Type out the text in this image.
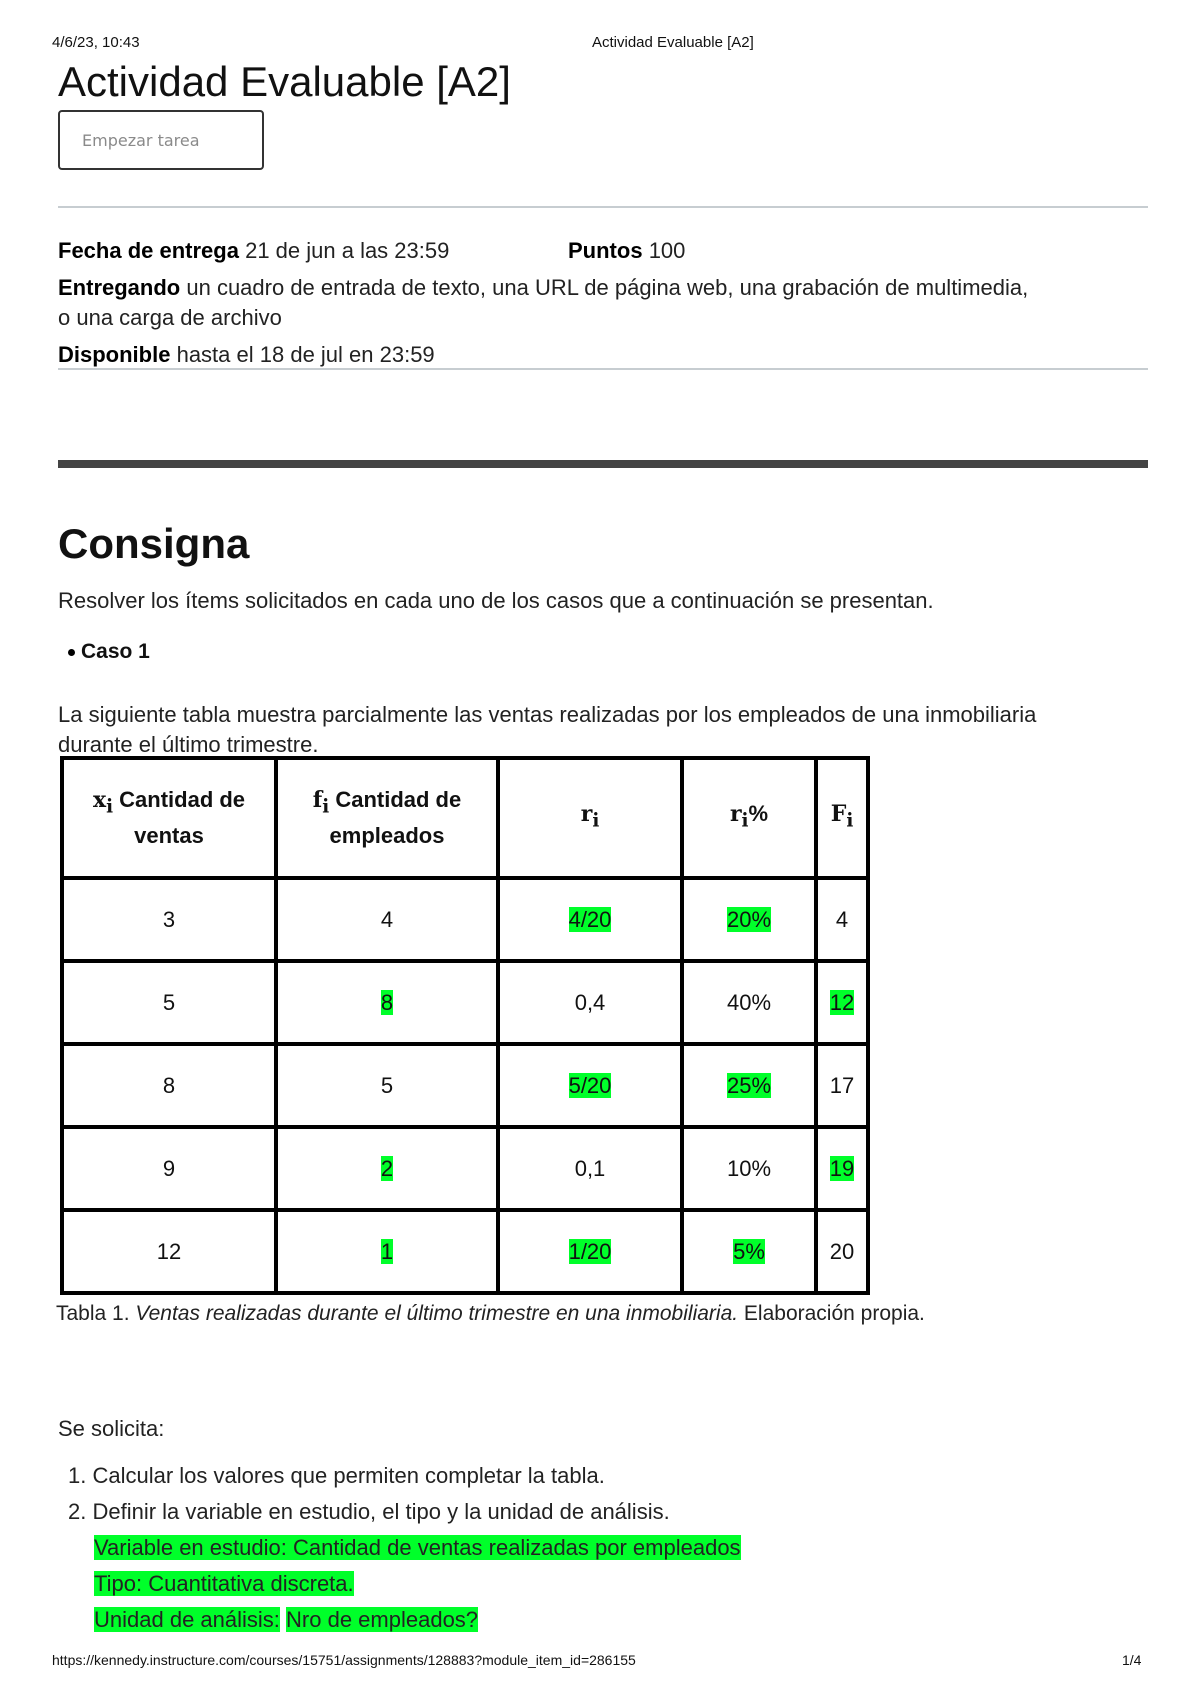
4/6/23, 10:43	Actividad Evaluable [A2]
Actividad Evaluable [A2]
Empezar tarea
Fecha de entrega 21 de jun a las 23:59	Puntos 100
Entregando un cuadro de entrada de texto, una URL de página web, una grabación de multimedia,
o una carga de archivo
Disponible hasta el 18 de jul en 23:59
Consigna
Resolver los ítems solicitados en cada uno de los casos que a continuación se presentan.
Caso 1
La siguiente tabla muestra parcialmente las ventas realizadas por los empleados de una inmobiliaria
durante el último trimestre.
$x_i$ Cantidad de ventas	$f_i$ Cantidad de empleados	$r_i$	$r_i\%$	$F_i$
3	4	4/20	20%	4
5	8	0,4	40%	12
8	5	5/20	25%	17
9	2	0,1	10%	19
12	1	1/20	5%	20
Tabla 1. Ventas realizadas durante el último trimestre en una inmobiliaria. Elaboración propia.
Se solicita:
1. Calcular los valores que permiten completar la tabla.
2. Definir la variable en estudio, el tipo y la unidad de análisis.
Variable en estudio: Cantidad de ventas realizadas por empleados
Tipo: Cuantitativa discreta.
Unidad de análisis: Nro de empleados?
https://kennedy.instructure.com/courses/15751/assignments/128883?module_item_id=286155	1/4
